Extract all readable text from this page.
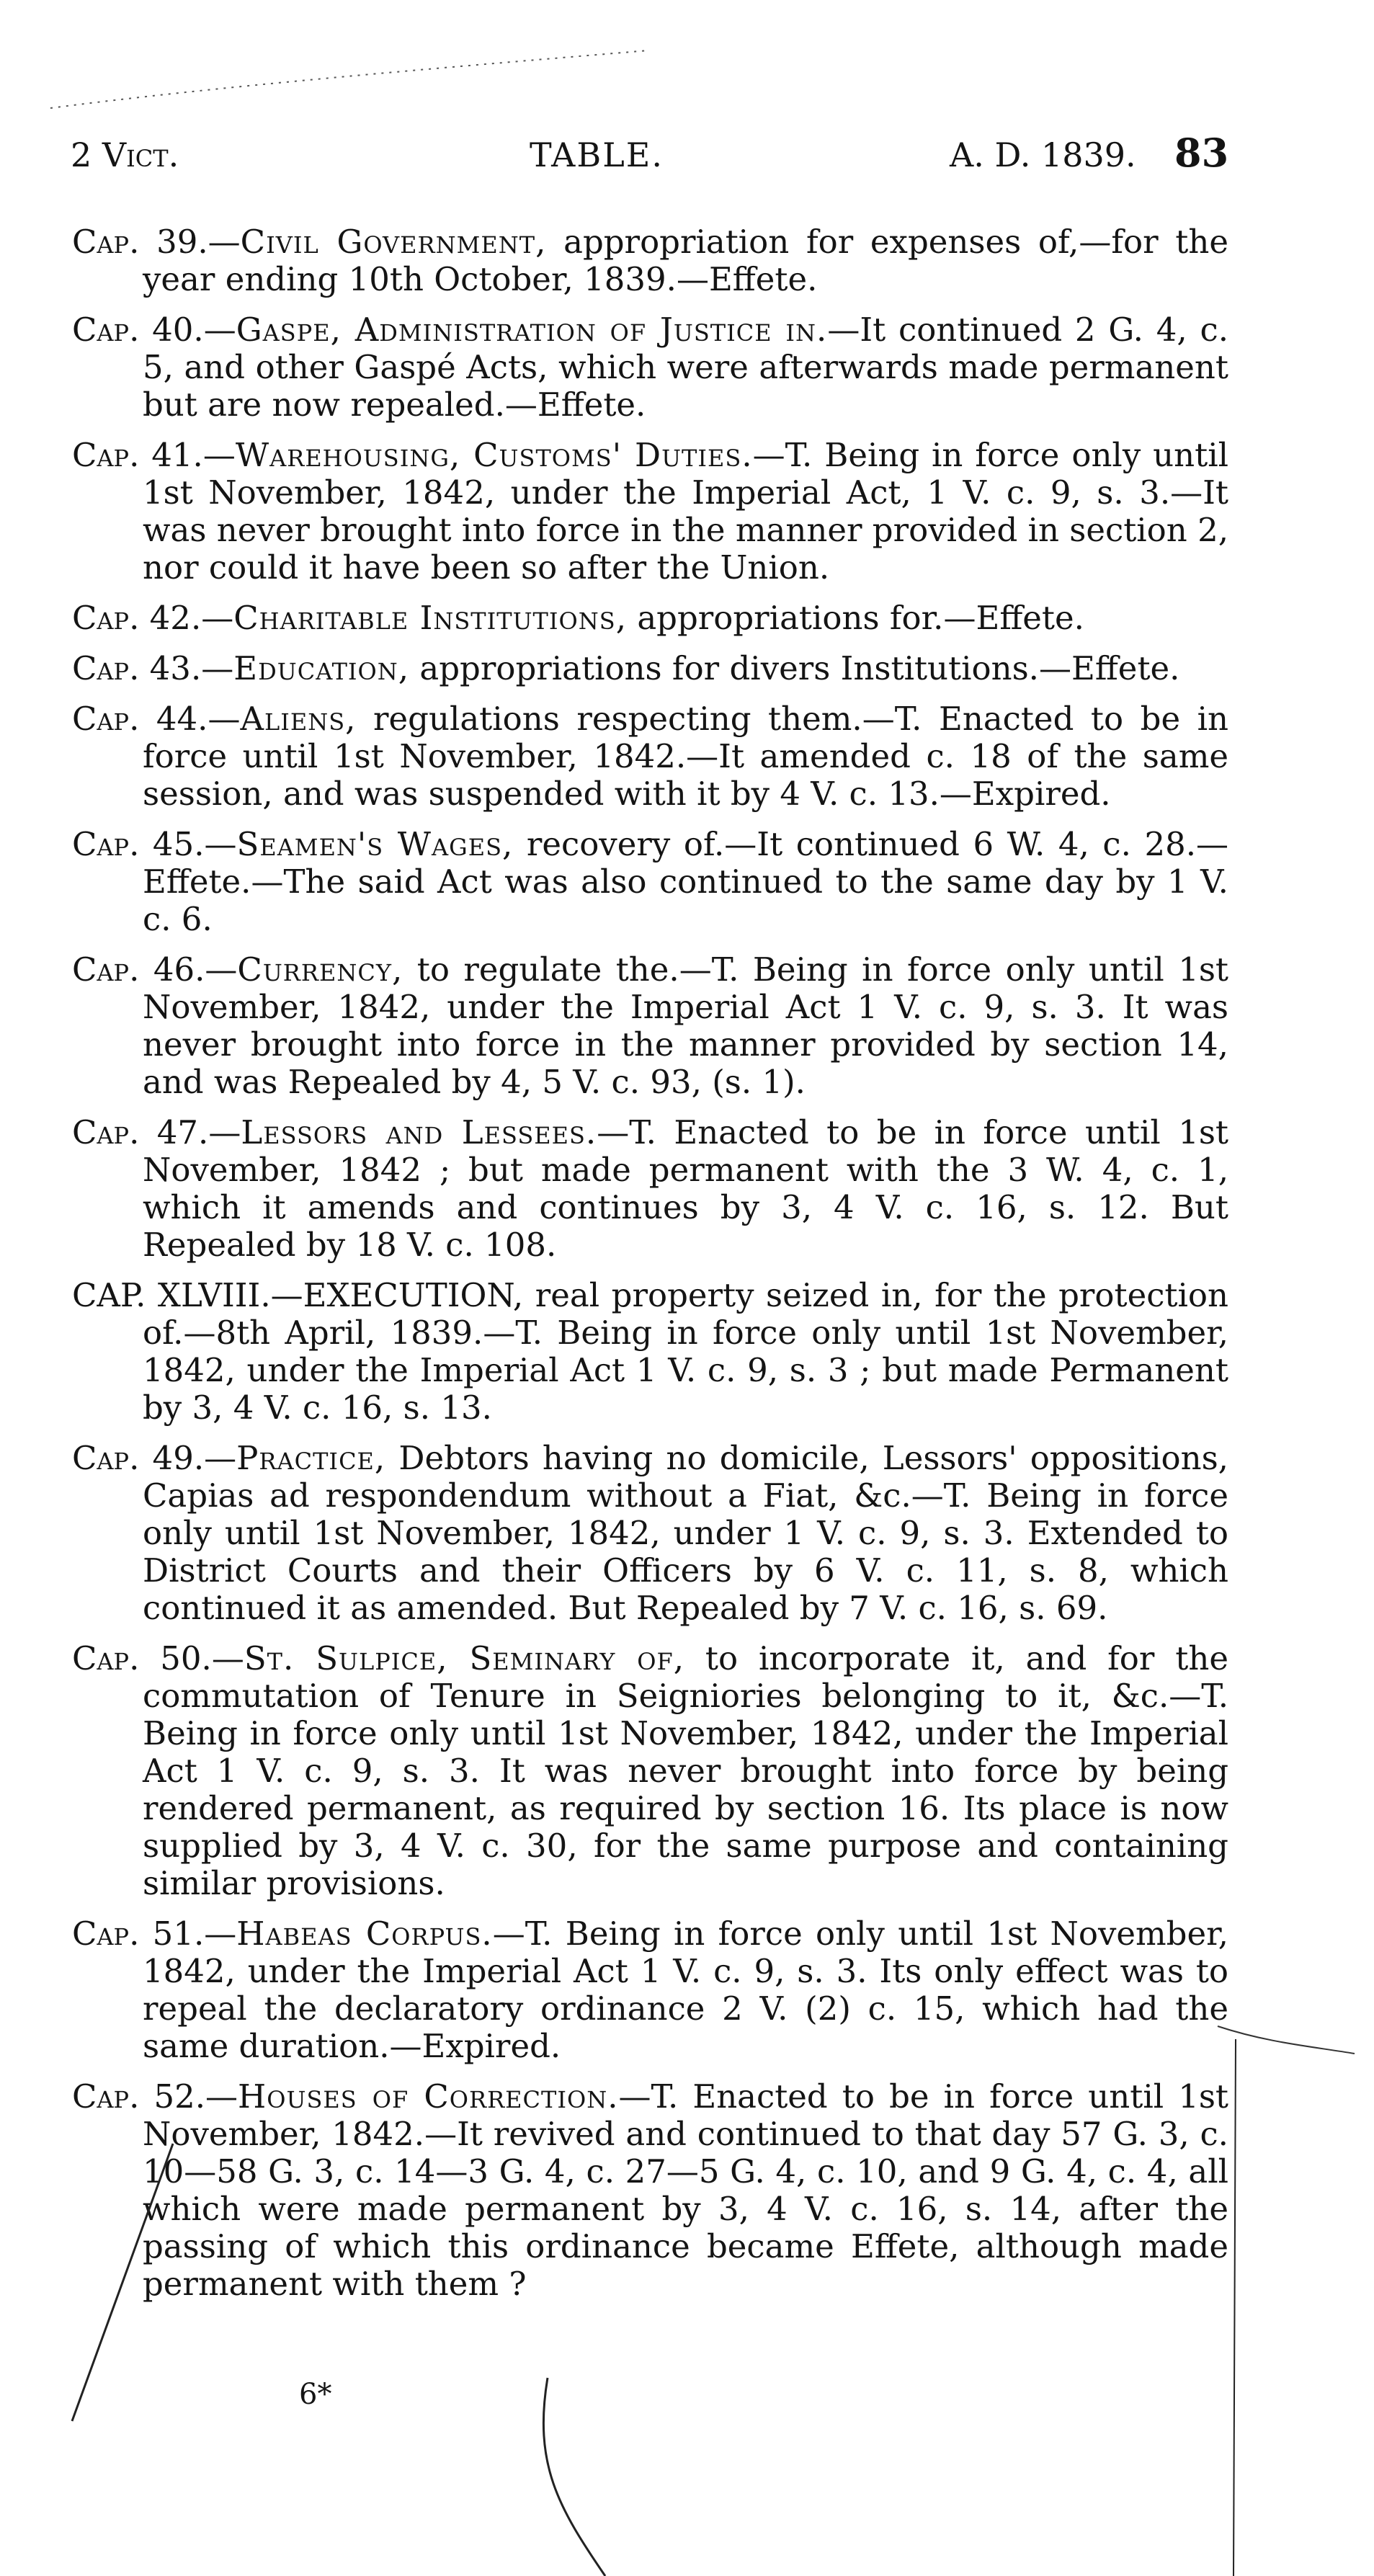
2 Vict.	TABLE.	A. D. 1839. 83

Cap. 39.—Civil Government, appropriation for expenses of,—for the year ending 10th October, 1839.—Effete.

Cap. 40.—Gaspe, Administration of Justice in.—It continued 2 G. 4, c. 5, and other Gaspé Acts, which were afterwards made permanent but are now repealed.—Effete.

Cap. 41.—Warehousing, Customs' Duties.—T. Being in force only until 1st November, 1842, under the Imperial Act, 1 V. c. 9, s. 3.—It was never brought into force in the manner provided in section 2, nor could it have been so after the Union.

Cap. 42.—Charitable Institutions, appropriations for.—Effete.

Cap. 43.—Education, appropriations for divers Institutions.—Effete.

Cap. 44.—Aliens, regulations respecting them.—T. Enacted to be in force until 1st November, 1842.—It amended c. 18 of the same session, and was suspended with it by 4 V. c. 13.—Expired.

Cap. 45.—Seamen's Wages, recovery of.—It continued 6 W. 4, c. 28.—Effete.—The said Act was also continued to the same day by 1 V. c. 6.

Cap. 46.—Currency, to regulate the.—T. Being in force only until 1st November, 1842, under the Imperial Act 1 V. c. 9, s. 3. It was never brought into force in the manner provided by section 14, and was Repealed by 4, 5 V. c. 93, (s. 1).

Cap. 47.—Lessors and Lessees.—T. Enacted to be in force until 1st November, 1842 ; but made permanent with the 3 W. 4, c. 1, which it amends and continues by 3, 4 V. c. 16, s. 12. But Repealed by 18 V. c. 108.

CAP. XLVIII.—EXECUTION, real property seized in, for the protection of.—8th April, 1839.—T. Being in force only until 1st November, 1842, under the Imperial Act 1 V. c. 9, s. 3 ; but made Permanent by 3, 4 V. c. 16, s. 13.

Cap. 49.—Practice, Debtors having no domicile, Lessors' oppositions, Capias ad respondendum without a Fiat, &c.—T. Being in force only until 1st November, 1842, under 1 V. c. 9, s. 3. Extended to District Courts and their Officers by 6 V. c. 11, s. 8, which continued it as amended. But Repealed by 7 V. c. 16, s. 69.

Cap. 50.—St. Sulpice, Seminary of, to incorporate it, and for the commutation of Tenure in Seigniories belonging to it, &c.—T. Being in force only until 1st November, 1842, under the Imperial Act 1 V. c. 9, s. 3. It was never brought into force by being rendered permanent, as required by section 16. Its place is now supplied by 3, 4 V. c. 30, for the same purpose and containing similar provisions.

Cap. 51.—Habeas Corpus.—T. Being in force only until 1st November, 1842, under the Imperial Act 1 V. c. 9, s. 3. Its only effect was to repeal the declaratory ordinance 2 V. (2) c. 15, which had the same duration.—Expired.

Cap. 52.—Houses of Correction.—T. Enacted to be in force until 1st November, 1842.—It revived and continued to that day 57 G. 3, c. 10—58 G. 3, c. 14—3 G. 4, c. 27—5 G. 4, c. 10, and 9 G. 4, c. 4, all which were made permanent by 3, 4 V. c. 16, s. 14, after the passing of which this ordinance became Effete, although made permanent with them ?

6*
